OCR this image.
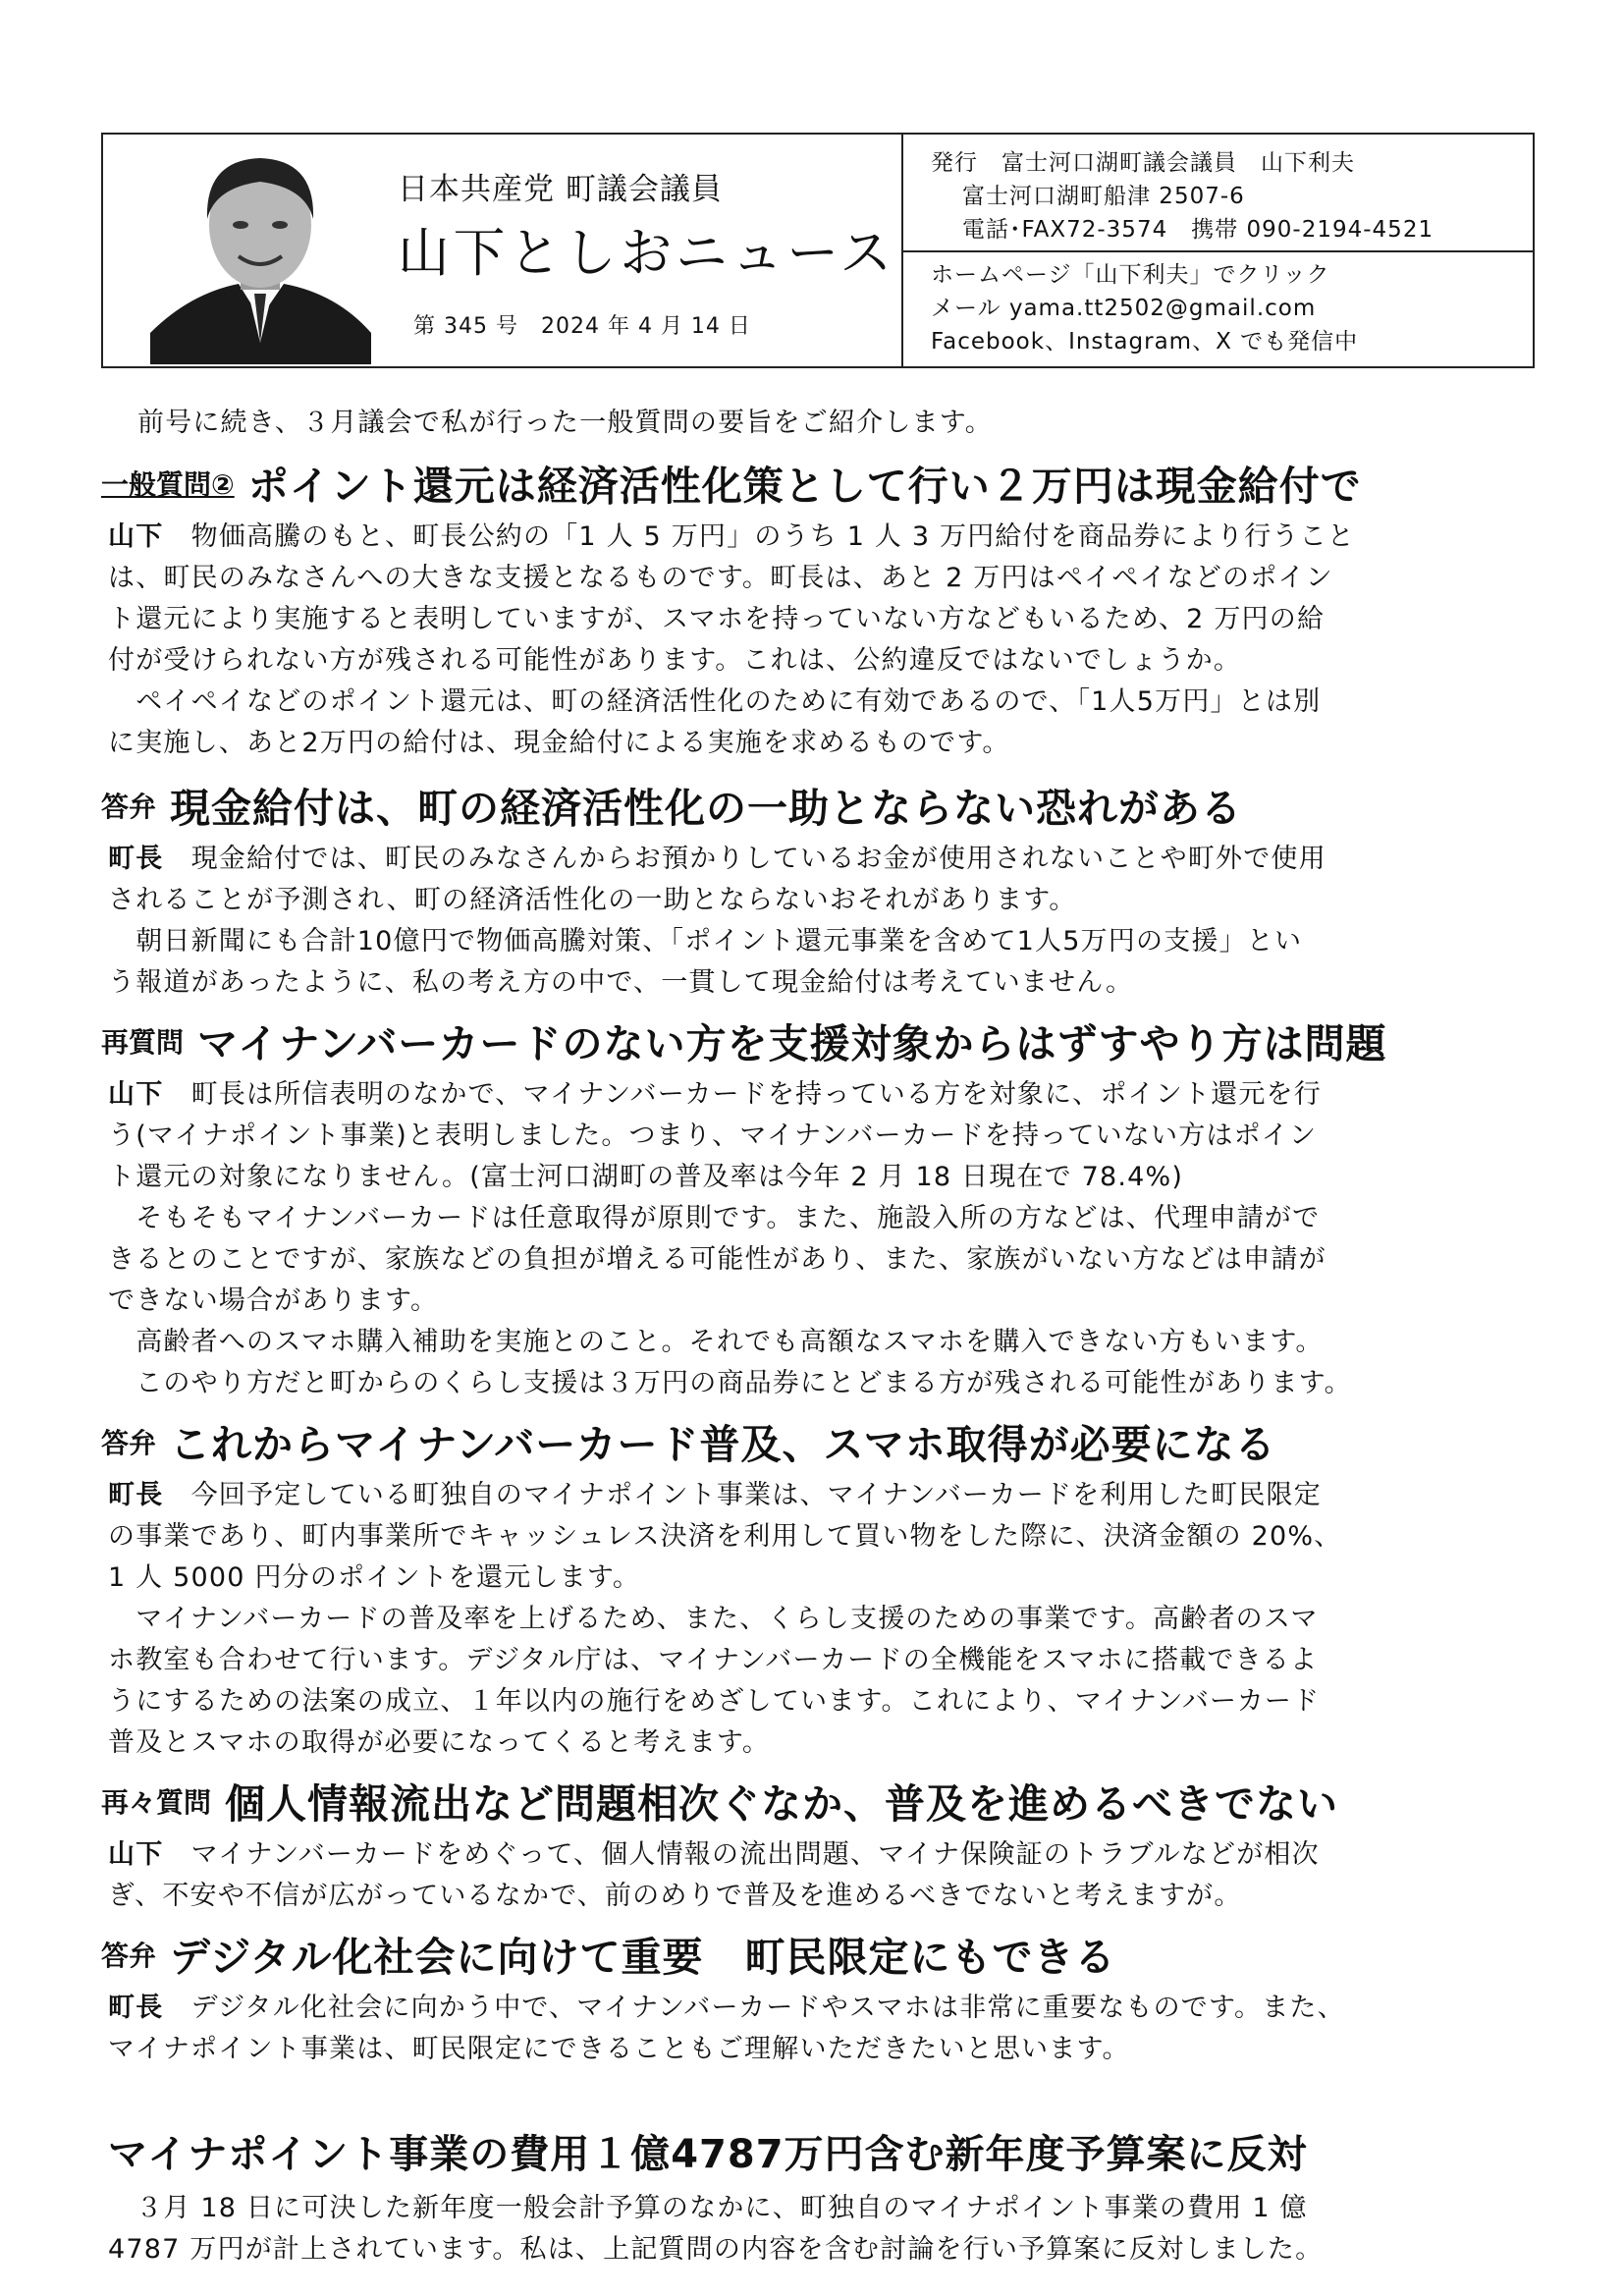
日本共産党 町議会議員
山下としおニュース
第 345 号　2024 年 4 月 14 日
発行　富士河口湖町議会議員　山下利夫
富士河口湖町船津 2507-6
電話･FAX72-3574　携帯 090-2194-4521
ホームページ「山下利夫」でクリック
メール yama.tt2502@gmail.com
Facebook、Instagram、X でも発信中
前号に続き、３月議会で私が行った一般質問の要旨をご紹介します。
一般質問② ポイント還元は経済活性化策として行い２万円は現金給付で
山下　 物価高騰のもと、町長公約の「1 人 5 万円」のうち 1 人 3 万円給付を商品券により行うこと
は、町民のみなさんへの大きな支援となるものです。町長は、あと 2 万円はペイペイなどのポイン
ト還元により実施すると表明していますが、スマホを持っていない方などもいるため、2 万円の給
付が受けられない方が残される可能性があります。これは、公約違反ではないでしょうか。
　ペイペイなどのポイント還元は、町の経済活性化のために有効であるので、「1人5万円」とは別
に実施し、あと2万円の給付は、現金給付による実施を求めるものです。
答弁 現金給付は、町の経済活性化の一助とならない恐れがある
町長　 現金給付では、町民のみなさんからお預かりしているお金が使用されないことや町外で使用
されることが予測され、町の経済活性化の一助とならないおそれがあります。
　朝日新聞にも合計10億円で物価高騰対策、「ポイント還元事業を含めて1人5万円の支援」とい
う報道があったように、私の考え方の中で、一貫して現金給付は考えていません。
再質問 マイナンバーカードのない方を支援対象からはずすやり方は問題
山下　 町長は所信表明のなかで、マイナンバーカードを持っている方を対象に、ポイント還元を行
う(マイナポイント事業)と表明しました。つまり、マイナンバーカードを持っていない方はポイン
ト還元の対象になりません。(富士河口湖町の普及率は今年 2 月 18 日現在で 78.4%)
　そもそもマイナンバーカードは任意取得が原則です。また、施設入所の方などは、代理申請がで
きるとのことですが、家族などの負担が増える可能性があり、また、家族がいない方などは申請が
できない場合があります。
　高齢者へのスマホ購入補助を実施とのこと。それでも高額なスマホを購入できない方もいます。
　このやり方だと町からのくらし支援は３万円の商品券にとどまる方が残される可能性があります。
答弁 これからマイナンバーカード普及、スマホ取得が必要になる
町長　 今回予定している町独自のマイナポイント事業は、マイナンバーカードを利用した町民限定
の事業であり、町内事業所でキャッシュレス決済を利用して買い物をした際に、決済金額の 20%、
1 人 5000 円分のポイントを還元します。
　マイナンバーカードの普及率を上げるため、また、くらし支援のための事業です。高齢者のスマ
ホ教室も合わせて行います。デジタル庁は、マイナンバーカードの全機能をスマホに搭載できるよ
うにするための法案の成立、１年以内の施行をめざしています。これにより、マイナンバーカード
普及とスマホの取得が必要になってくると考えます。
再々質問 個人情報流出など問題相次ぐなか、普及を進めるべきでない
山下　 マイナンバーカードをめぐって、個人情報の流出問題、マイナ保険証のトラブルなどが相次
ぎ、不安や不信が広がっているなかで、前のめりで普及を進めるべきでないと考えますが。
答弁 デジタル化社会に向けて重要　町民限定にもできる
町長　 デジタル化社会に向かう中で、マイナンバーカードやスマホは非常に重要なものです。また、
マイナポイント事業は、町民限定にできることもご理解いただきたいと思います。
マイナポイント事業の費用１億4787万円含む新年度予算案に反対
　３月 18 日に可決した新年度一般会計予算のなかに、町独自のマイナポイント事業の費用 1 億
4787 万円が計上されています。私は、上記質問の内容を含む討論を行い予算案に反対しました。
